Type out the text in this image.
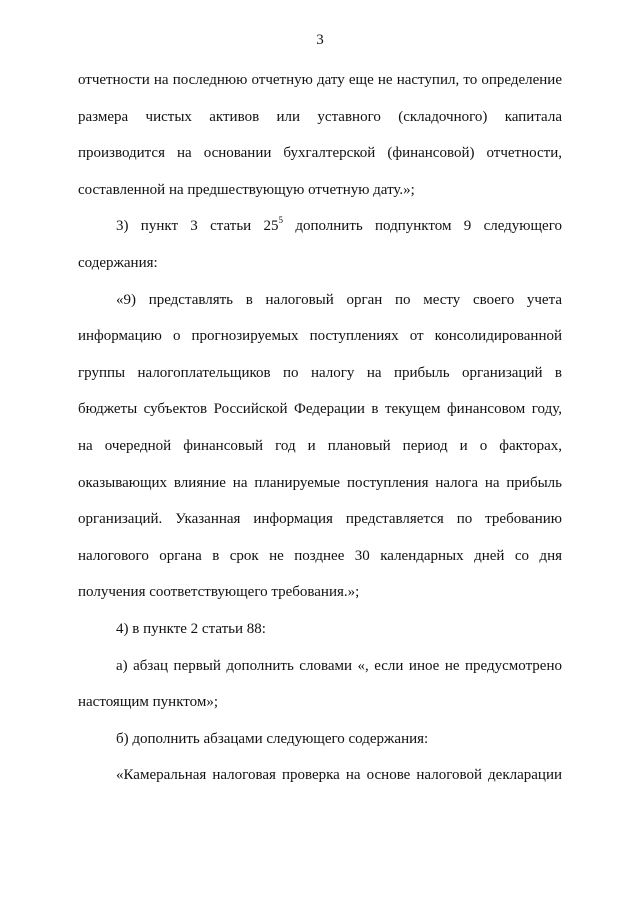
3
отчетности на последнюю отчетную дату еще не наступил, то определение
размера чистых активов или уставного (складочного) капитала
производится на основании бухгалтерской (финансовой) отчетности,
составленной на предшествующую отчетную дату.»;
3) пункт 3 статьи $25^5$ дополнить подпунктом 9 следующего
содержания:
«9) представлять в налоговый орган по месту своего учета
информацию о прогнозируемых поступлениях от консолидированной
группы налогоплательщиков по налогу на прибыль организаций в
бюджеты субъектов Российской Федерации в текущем финансовом году,
на очередной финансовый год и плановый период и о факторах,
оказывающих влияние на планируемые поступления налога на прибыль
организаций. Указанная информация представляется по требованию
налогового органа в срок не позднее 30 календарных дней со дня
получения соответствующего требования.»;
4) в пункте 2 статьи 88:
а) абзац первый дополнить словами «, если иное не предусмотрено
настоящим пунктом»;
б) дополнить абзацами следующего содержания:
«Камеральная налоговая проверка на основе налоговой декларации
